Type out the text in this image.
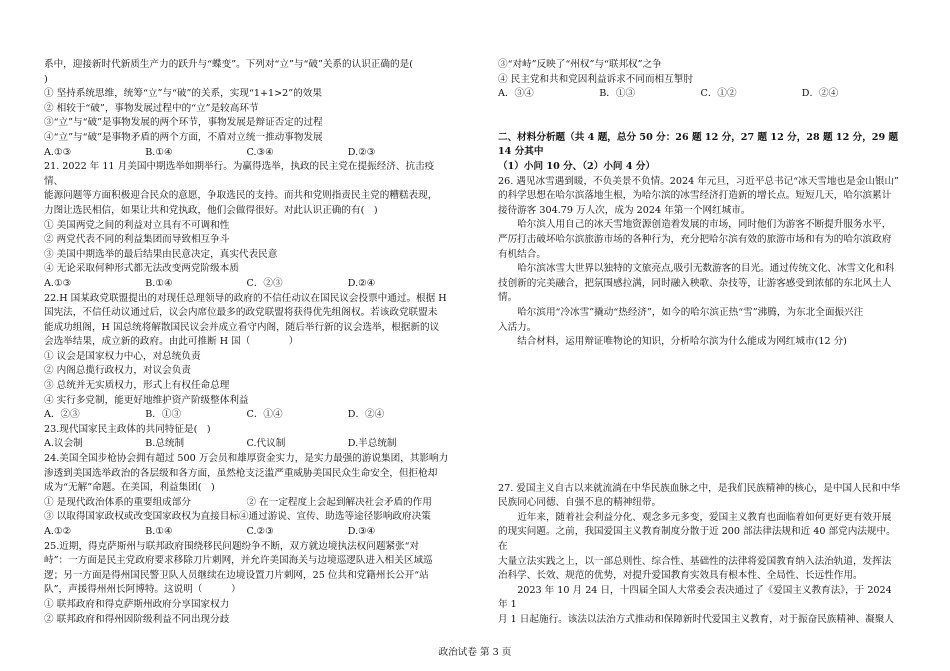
系中，迎接新时代新质生产力的跃升与“蝶变”。下列对“立”与“破”关系的认识正确的是(

)

① 坚持系统思维，统筹“立”与“破”的关系，实现“1+1>2”的效果

② 相较于“破”，事物发展过程中的“立”是较高环节

③“立”与“破”是事物发展的两个环节，事物发展是辩证否定的过程

④“立”与“破”是事物矛盾的两个方面，不盾对立统一推动事物发展

A.①③	B.①④	C.③④	D.②③

21. 2022 年 11 月美国中期选举如期举行。为赢得选举，执政的民主党在提振经济、抗击疫情、

能源问题等方面积极迎合民众的意愿，争取选民的支持。而共和党则指责民主党的糟糕表现，

力图让选民相信，如果让共和党执政，他们会做得很好。对此认识正确的有(　)

① 美国两党之间的利益对立具有不可调和性

② 两党代表不同的利益集团而导致相互争斗

③ 美国中期选举的最后结果由民意决定，真实代表民意

④ 无论采取何种形式都无法改变两党阶级本质

A.①③	B.①④	C．②③	D.②④

22.H 国某政党联盟提出的对现任总理领导的政府的不信任动议在国民议会投票中通过。根据 H

国宪法，不信任动议通过后，议会内席位最多的政党联盟将获得优先组阁权。若该政党联盟未

能成功组阁，H 国总统将解散国民议会并成立看守内阁，随后举行新的议会选举，根据新的议

会选举结果，成立新的政府。由此可推断 H 国（　　　　）

① 议会是国家权力中心，对总统负责

② 内阁总揽行政权力，对议会负责

③ 总统并无实质权力，形式上有权任命总理

④ 实行多党制，能更好地维护资产阶级整体利益

A．②③	B．①③	C．①④	D．②④

23.现代国家民主政体的共同特征是(　)

A.议会制	B.总统制	C.代议制	D.半总统制

24.美国全国步枪协会拥有超过 500 万会员和雄厚资金实力，是实力最强的游说集团，其影响力

渗透到美国选举政治的各层级和各方面，虽然枪支泛滥严重威胁美国民众生命安全，但拒枪却

成为“无解”命题。在美国，利益集团(　)

① 是现代政治体系的重要组成部分	② 在一定程度上会起到解决社会矛盾的作用

③ 以取得国家政权或改变国家政权为直接目标④通过游说、宣传、助选等途径影响政府决策

A.①②	B.①④	C.②③	D.③④

25.近期，得克萨斯州与联邦政府围绕移民问题纷争不断，双方就边境执法权问题紧张“对

峙”：一方面是民主党政府要求移除刀片刺网，并允许美国海关与边境巡逻队进入相关区域巡

逻；另一方面是得州国民警卫队人员继续在边境设置刀片刺网，25 位共和党籍州长公开“站

队”，声援得州州长阿博特。这说明（　　　）

① 联邦政府和得克萨斯州政府分享国家权力

② 联邦政府和得州因阶级利益不同出现分歧

③“对峙”反映了“州权”与“联邦权”之争

④ 民主党和共和党因利益诉求不同而相互掣肘

A．③④	B．①③	C．①②	D．②④

二、材料分析题（共 4 题，总分 50 分：26 题 12 分，27 题 12 分，28 题 12 分，29 题 14 分其中

（1）小问 10 分、（2）小问 4 分）

26. 遇见冰雪遇到暖，不负美景不负情。2024 年元旦，习近平总书记“冰天雪地也是金山银山”

的科学思想在哈尔滨落地生根，为哈尔滨的冰雪经济打造新的增长点。短短几天，哈尔滨累计

接待游客 304.79 万人次，成为 2024 年第一个网红城市。

哈尔滨人用自己的冰天雪地资源创造着发展的市场，同时他们为游客不断提升服务水平，

严厉打击破坏哈尔滨旅游市场的各种行为，充分把哈尔滨有效的旅游市场和有为的哈尔滨政府

有机结合。

哈尔滨冰雪大世界以独特的文旅亮点,吸引无数游客的目光。通过传统文化、冰雪文化和科

技创新的完美融合，把氛围感拉满，同时融入秧歌、杂技等，让游客感受到浓郁的东北风土人

情。

哈尔滨用“冷冰雪”撬动“热经济”，如今的哈尔滨正热“雪”沸腾，为东北全面振兴注

入活力。

结合材料，运用辩证唯物论的知识，分析哈尔滨为什么能成为网红城市(12 分)

27. 爱国主义自古以来就流淌在中华民族血脉之中，是我们民族精神的核心，是中国人民和中华

民族同心同德、自强不息的精神纽带。

近年来，随着社会利益分化、观念多元多变，爱国主义教育也面临着如何更好更有效开展

的现实问题。之前，我国爱国主义教育制度分散于近 200 部法律法规和近 40 部党内法规中。在

大量立法实践之上，以一部总则性、综合性、基础性的法律将爱国教育纳入法治轨道，发挥法

治科学、长效、规范的优势，对提升爱国教育实效具有根本性、全局性、长远性作用。

2023 年 10 月 24 日，十四届全国人大常委会表决通过了《爱国主义教育法》，于 2024 年 1

月 1 日起施行。该法以法治方式推动和保障新时代爱国主义教育，对于振奋民族精神、凝聚人

政治试卷 第 3 页
